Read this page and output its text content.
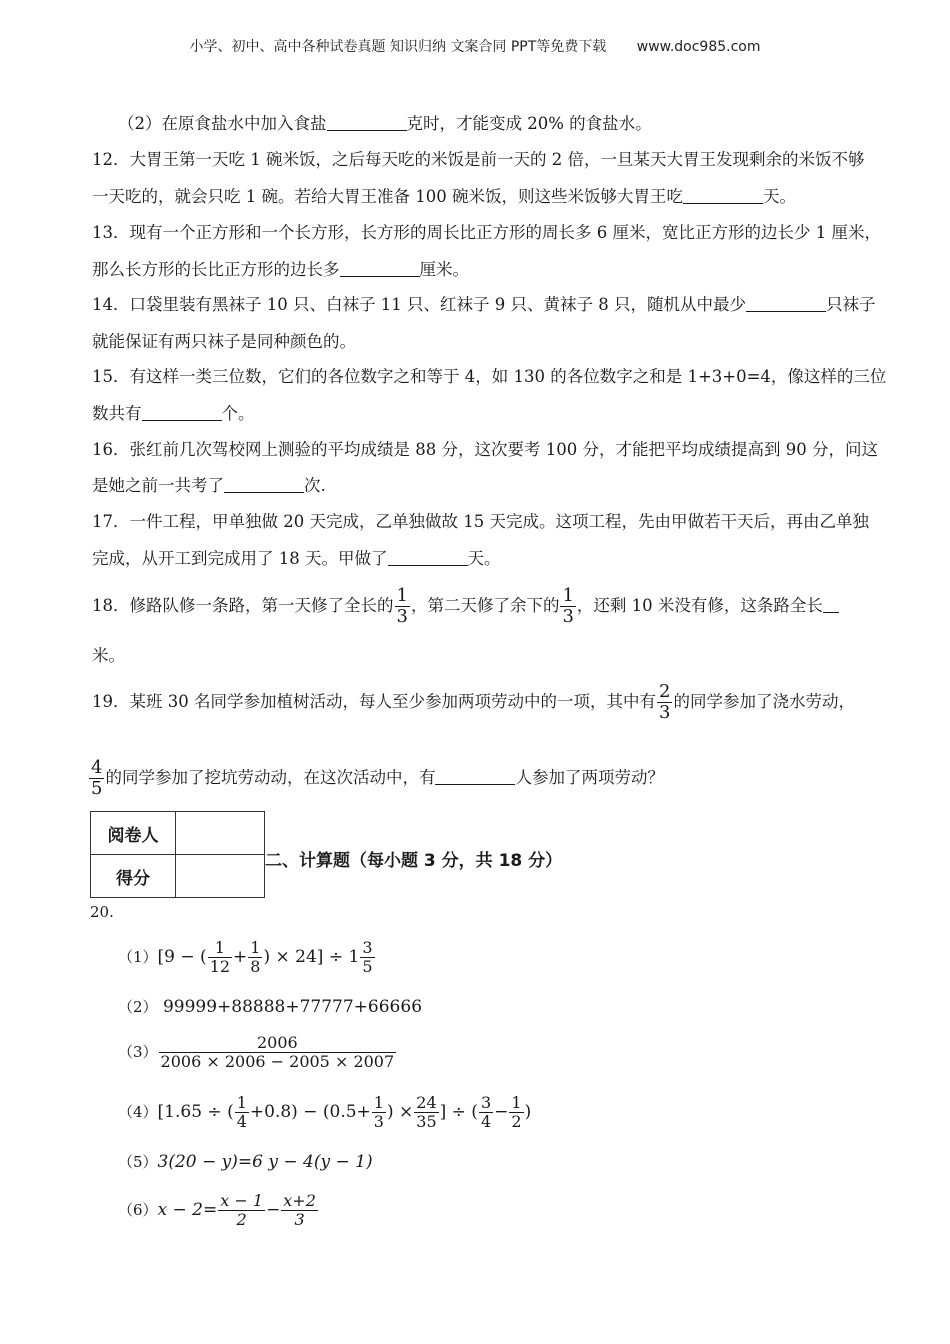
小学、初中、高中各种试卷真题 知识归纳 文案合同 PPT等免费下载 www.doc985.com
（2）在原食盐水中加入食盐	克时，才能变成 20% 的食盐水。
12．大胃王第一天吃 1 碗米饭，之后每天吃的米饭是前一天的 2 倍，一旦某天大胃王发现剩余的米饭不够
一天吃的，就会只吃 1 碗。若给大胃王准备 100 碗米饭，则这些米饭够大胃王吃	天。
13．现有一个正方形和一个长方形，长方形的周长比正方形的周长多 6 厘米，宽比正方形的边长少 1 厘米，
那么长方形的长比正方形的边长多	厘米。
14．口袋里装有黑袜子 10 只、白袜子 11 只、红袜子 9 只、黄袜子 8 只，随机从中最少	只袜子
就能保证有两只袜子是同种颜色的。
15．有这样一类三位数，它们的各位数字之和等于 4，如 130 的各位数字之和是 1+3+0=4，像这样的三位
数共有	个。
16．张红前几次驾校网上测验的平均成绩是 88 分，这次要考 100 分，才能把平均成绩提高到 90 分，问这
是她之前一共考了	次.
17．一件工程，甲单独做 20 天完成，乙单独做故 15 天完成。这项工程，先由甲做若干天后，再由乙单独
完成，从开工到完成用了 18 天。甲做了	天。
18．修路队修一条路，第一天修了全长的 $\frac{1}{3}$ ，第二天修了余下的 $\frac{1}{3}$ ，还剩 10 米没有修，这条路全长
米。
19．某班 30 名同学参加植树活动，每人至少参加两项劳动中的一项，其中有 $\frac{2}{3}$ 的同学参加了浇水劳动，
$\frac{4}{5}$ 的同学参加了挖坑劳动动，在这次活动中，有	人参加了两项劳动？
阅卷人	
得分	
二、计算题（每小题 3 分，共 18 分）
20.
（1）[9 − ( $\frac{1}{12} + \frac{1}{8}$ ) × $24] \div 1 \frac{3}{5}$
（2） 99999+88888+77777+66666
$(3) \frac{2006}{2006 \times 2006 - 2005 \times 2007}$
（4）[1.65 ÷ ( $\frac{1}{4} +0.8) - (0.5+ \frac{1}{3}$ ) × $\frac{24}{35}$ ] ÷ ( $\frac{3}{4} - \frac{1}{2}$ )
（5）3(20 − y)=6 y − 4(y − 1)
$(6)x - 2= \frac{x - 1}{2} - \frac{x+2}{3}$
